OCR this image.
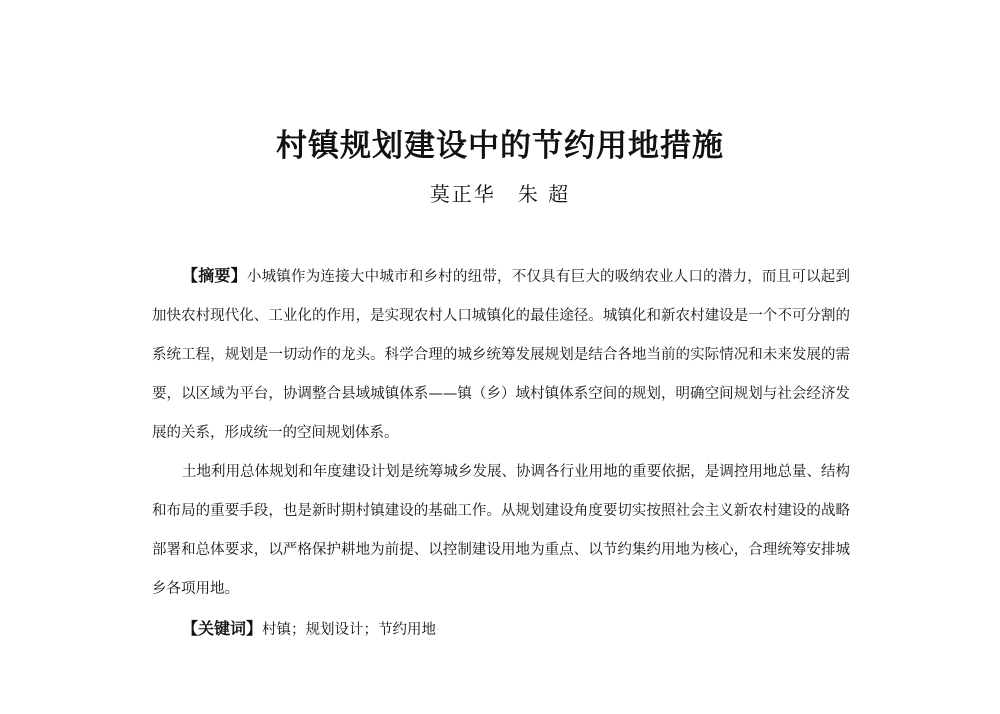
村镇规划建设中的节约用地措施
莫正华 朱 超

【摘要】小城镇作为连接大中城市和乡村的纽带，不仅具有巨大的吸纳农业人口的潜力，而且可以起到加快农村现代化、工业化的作用，是实现农村人口城镇化的最佳途径。城镇化和新农村建设是一个不可分割的系统工程，规划是一切动作的龙头。科学合理的城乡统筹发展规划是结合各地当前的实际情况和未来发展的需要，以区域为平台，协调整合县域城镇体系——镇（乡）域村镇体系空间的规划，明确空间规划与社会经济发展的关系，形成统一的空间规划体系。

土地利用总体规划和年度建设计划是统筹城乡发展、协调各行业用地的重要依据，是调控用地总量、结构和布局的重要手段，也是新时期村镇建设的基础工作。从规划建设角度要切实按照社会主义新农村建设的战略部署和总体要求，以严格保护耕地为前提、以控制建设用地为重点、以节约集约用地为核心，合理统筹安排城乡各项用地。

【关键词】村镇；规划设计；节约用地
